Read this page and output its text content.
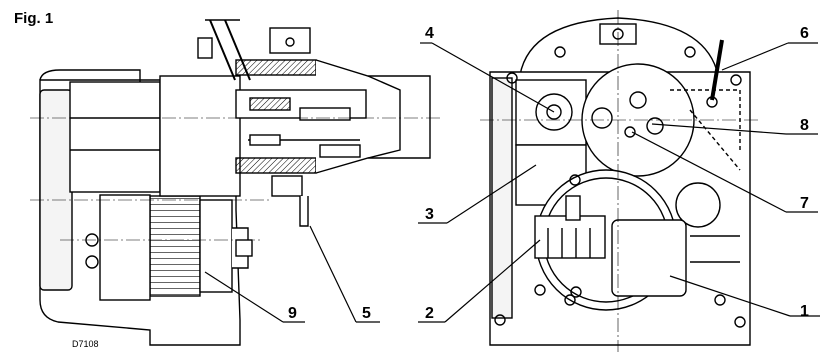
Fig. 1
D7108
1
2
3
4
5
6
7
8
9
